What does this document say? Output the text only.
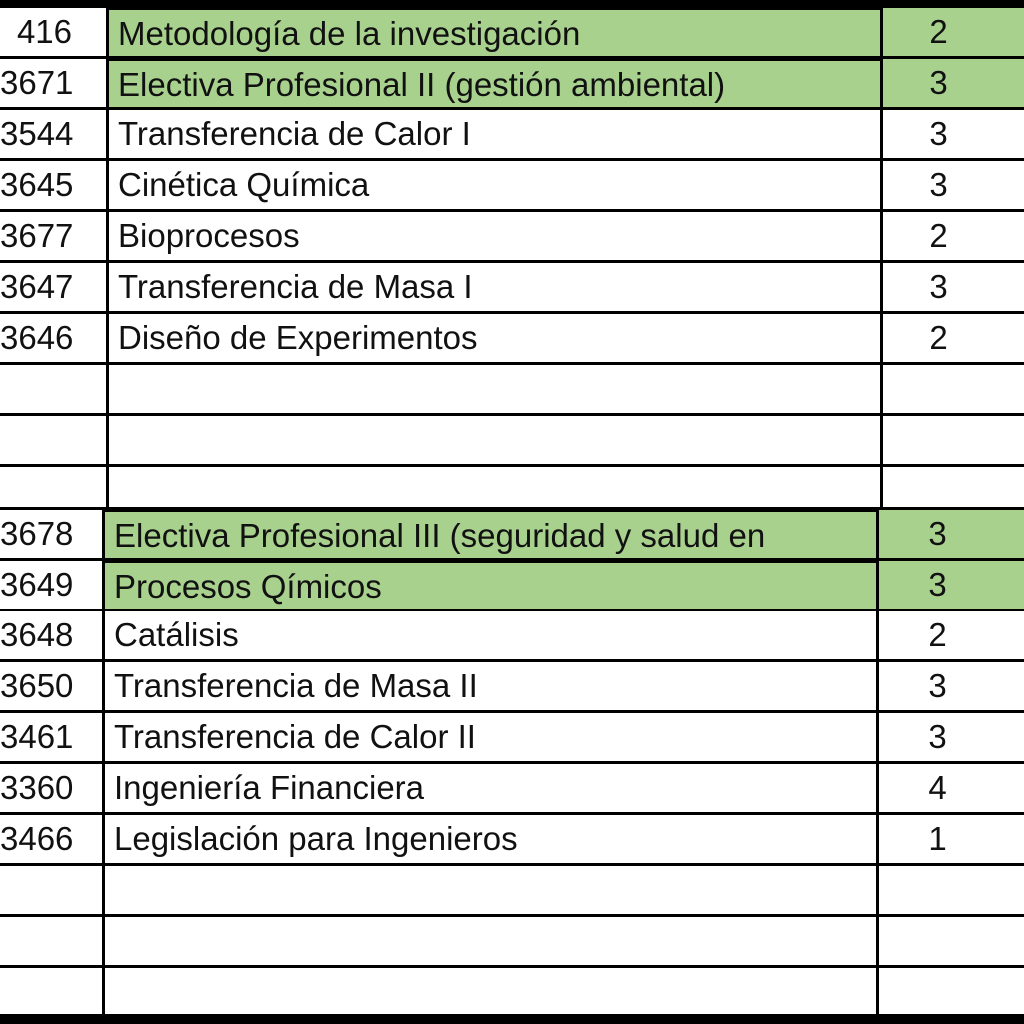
416	Metodología de la investigación	2
3671	Electiva Profesional II (gestión ambiental)	3
3544	Transferencia de Calor I	3
3645	Cinética Química	3
3677	Bioprocesos	2
3647	Transferencia de Masa I	3
3646	Diseño de Experimentos	2
3678	Electiva Profesional III (seguridad y salud en	3
3649	Procesos Qímicos	3
3648	Catálisis	2
3650	Transferencia de Masa II	3
3461	Transferencia de Calor II	3
3360	Ingeniería Financiera	4
3466	Legislación para Ingenieros	1
